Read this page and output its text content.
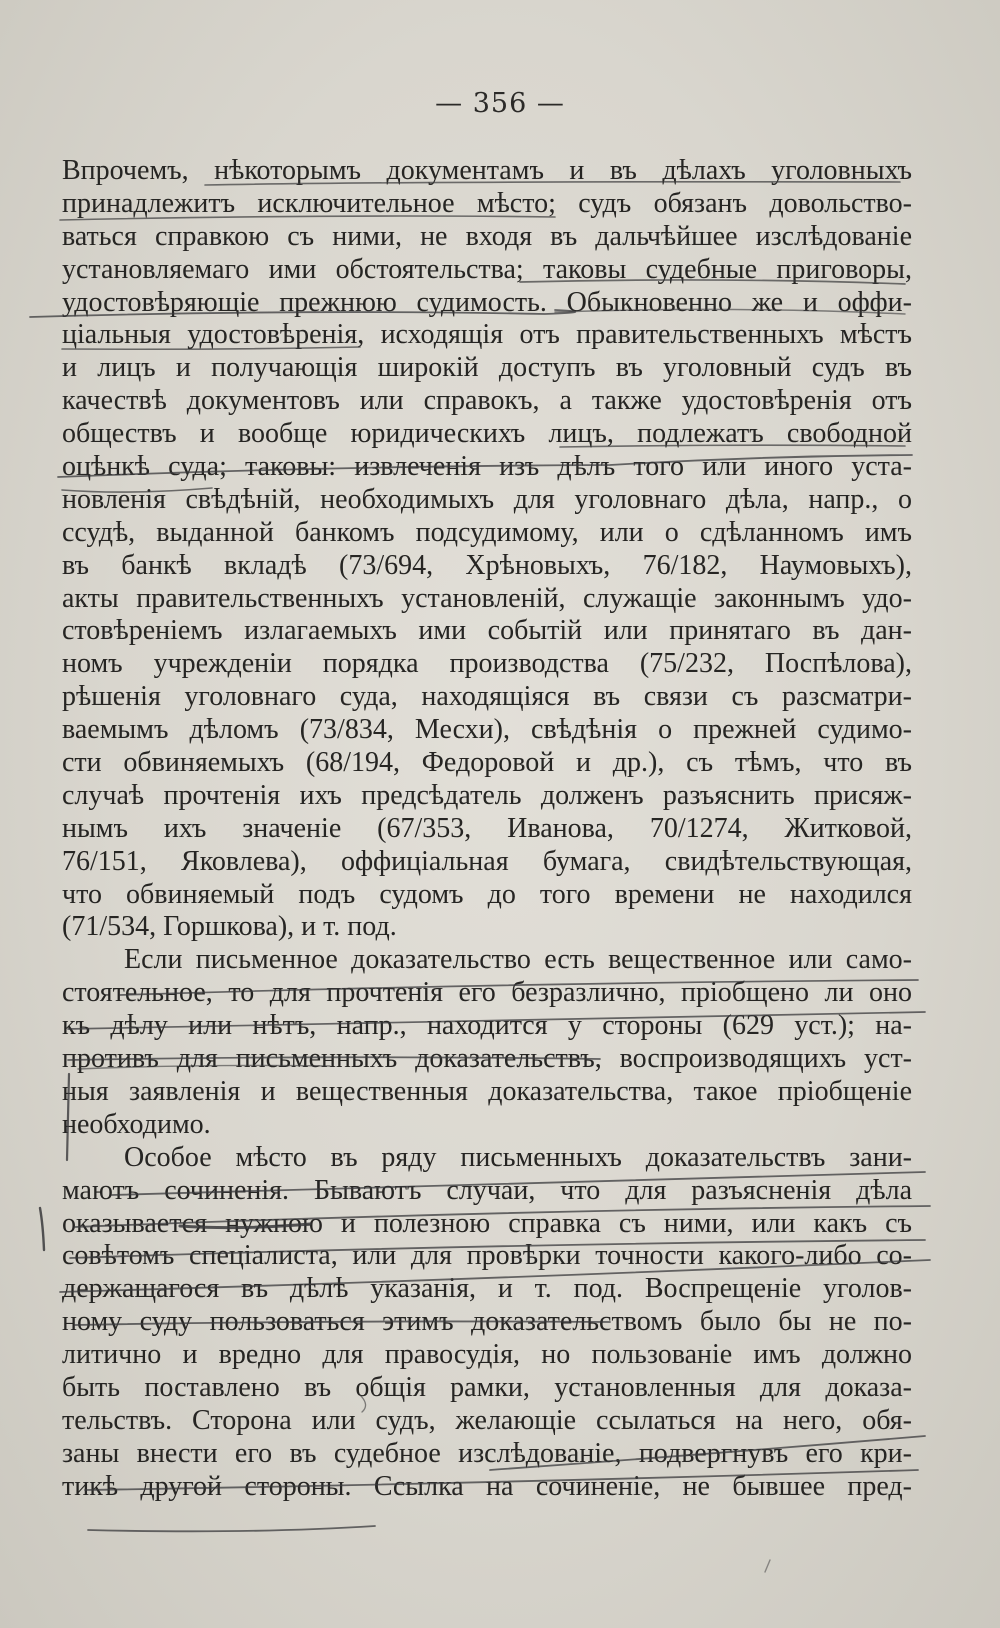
— 356 —
Впрочемъ, нѣкоторымъ документамъ и въ дѣлахъ уголовныхъ
принадлежитъ исключительное мѣсто; судъ обязанъ довольство-
ваться справкою съ ними, не входя въ дальчѣйшее изслѣдованіе
установляемаго ими обстоятельства; таковы судебные приговоры,
удостовѣряющіе прежнюю судимость. Обыкновенно же и оффи-
ціальныя удостовѣренія, исходящія отъ правительственныхъ мѣстъ
и лицъ и получающія широкій доступъ въ уголовный судъ въ
качествѣ документовъ или справокъ, а также удостовѣренія отъ
обществъ и вообще юридическихъ лицъ, подлежатъ свободной
оцѣнкѣ суда; таковы: извлеченія изъ дѣлъ того или иного уста-
новленія свѣдѣній, необходимыхъ для уголовнаго дѣла, напр., о
ссудѣ, выданной банкомъ подсудимому, или о сдѣланномъ имъ
въ банкѣ вкладѣ (73/694, Хрѣновыхъ, 76/182, Наумовыхъ),
акты правительственныхъ установленій, служащіе законнымъ удо-
стовѣреніемъ излагаемыхъ ими событій или принятаго въ дан-
номъ учрежденіи порядка производства (75/232, Поспѣлова),
рѣшенія уголовнаго суда, находящіяся въ связи съ разсматри-
ваемымъ дѣломъ (73/834, Месхи), свѣдѣнія о прежней судимо-
сти обвиняемыхъ (68/194, Федоровой и др.), съ тѣмъ, что въ
случаѣ прочтенія ихъ предсѣдатель долженъ разъяснить присяж-
нымъ ихъ значеніе (67/353, Иванова, 70/1274, Житковой,
76/151, Яковлева), оффиціальная бумага, свидѣтельствующая,
что обвиняемый подъ судомъ до того времени не находился
(71/534, Горшкова), и т. под.
Если письменное доказательство есть вещественное или само-
стоятельное, то для прочтенія его безразлично, пріобщено ли оно
къ дѣлу или нѣтъ, напр., находится у стороны (629 уст.); на-
противъ для письменныхъ доказательствъ, воспроизводящихъ уст-
ныя заявленія и вещественныя доказательства, такое пріобщеніе
необходимо.
Особое мѣсто въ ряду письменныхъ доказательствъ зани-
маютъ сочиненія. Бываютъ случаи, что для разъясненія дѣла
оказывается нужною и полезною справка съ ними, или какъ съ
совѣтомъ спеціалиста, или для провѣрки точности какого-либо со-
держащагося въ дѣлѣ указанія, и т. под. Воспрещеніе уголов-
ному суду пользоваться этимъ доказательствомъ было бы не по-
литично и вредно для правосудія, но пользованіе имъ должно
быть поставлено въ общія рамки, установленныя для доказа-
тельствъ. Сторона или судъ, желающіе ссылаться на него, обя-
заны внести его въ судебное изслѣдованіе, подвергнувъ его кри-
тикѣ другой стороны. Ссылка на сочиненіе, не бывшее пред-
